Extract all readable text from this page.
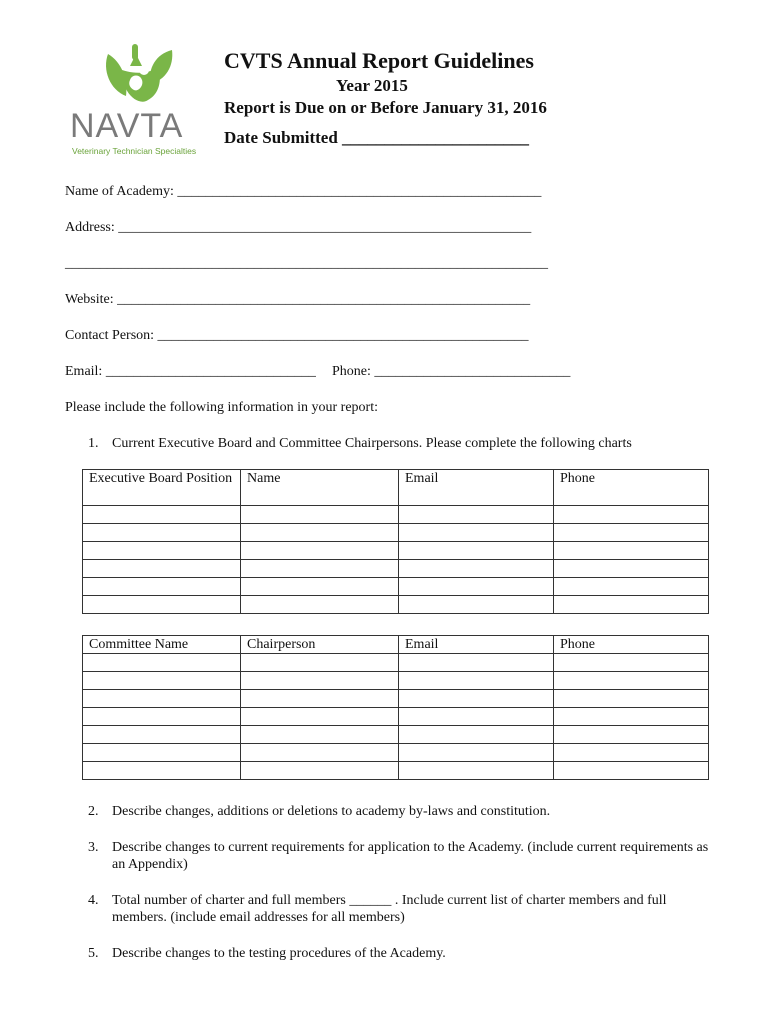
NAVTA
Veterinary Technician Specialties
CVTS Annual Report Guidelines
Year 2015
Report is Due on or Before January 31, 2016
Date Submitted ______________________
Name of Academy: ____________________________________________________
Address: ___________________________________________________________
_____________________________________________________________________
Website: ___________________________________________________________
Contact Person: _____________________________________________________
Email: ______________________________ Phone: ____________________________
Please include the following information in your report:
1. Current Executive Board and Committee Chairpersons. Please complete the following charts
Executive Board Position	Name	Email	Phone

Committee Name	Chairperson	Email	Phone

2. Describe changes, additions or deletions to academy by-laws and constitution.
3. Describe changes to current requirements for application to the Academy. (include current requirements as an Appendix)
4. Total number of charter and full members ______ . Include current list of charter members and full members. (include email addresses for all members)
5. Describe changes to the testing procedures of the Academy.
